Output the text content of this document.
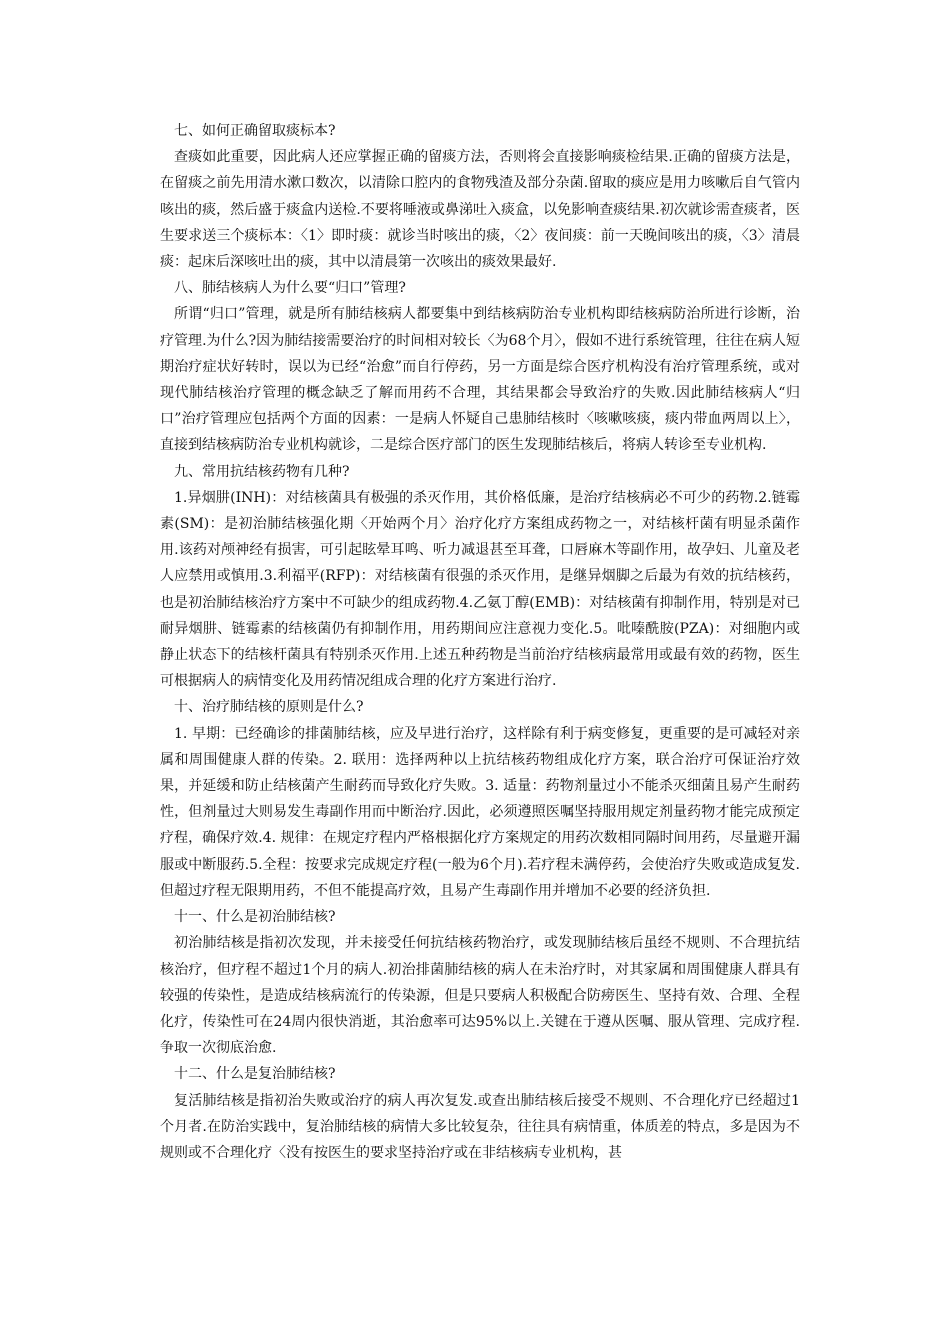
七、如何正确留取痰标本?

查痰如此重要，因此病人还应掌握正确的留痰方法，否则将会直接影响痰检结果.正确的留痰方法是，在留痰之前先用清水漱口数次，以清除口腔内的食物残渣及部分杂菌.留取的痰应是用力咳嗽后自气管内咳出的痰，然后盛于痰盒内送检.不要将唾液或鼻涕吐入痰盒，以免影响查痰结果.初次就诊需查痰者，医生要求送三个痰标本：〈1〉即时痰：就诊当时咳出的痰，〈2〉夜间痰：前一天晚间咳出的痰，〈3〉清晨痰：起床后深咳吐出的痰，其中以清晨第一次咳出的痰效果最好.

八、肺结核病人为什么要“归口”管理?

所谓“归口”管理，就是所有肺结核病人都要集中到结核病防治专业机构即结核病防治所进行诊断，治疗管理.为什么?因为肺结接需要治疗的时间相对较长〈为68个月〉，假如不进行系统管理，往往在病人短期治疗症状好转时，误以为已经“治愈”而自行停药，另一方面是综合医疗机构没有治疗管理系统，或对现代肺结核治疗管理的概念缺乏了解而用药不合理，其结果都会导致治疗的失败.因此肺结核病人“归口”治疗管理应包括两个方面的因素：一是病人怀疑自己患肺结核时〈咳嗽咳痰，痰内带血两周以上〉，直接到结核病防治专业机构就诊，二是综合医疗部门的医生发现肺结核后，将病人转诊至专业机构.

九、常用抗结核药物有几种?

1.异烟肼(INH)：对结核菌具有极强的杀灭作用，其价格低廉，是治疗结核病必不可少的药物.2.链霉素(SM)：是初治肺结核强化期〈开始两个月〉治疗化疗方案组成药物之一，对结核杆菌有明显杀菌作用.该药对颅神经有损害，可引起眩晕耳鸣、听力减退甚至耳聋，口唇麻木等副作用，故孕妇、儿童及老人应禁用或慎用.3.利福平(RFP)：对结核菌有很强的杀灭作用，是继异烟脚之后最为有效的抗结核药，也是初治肺结核治疗方案中不可缺少的组成药物.4.乙氨丁醇(EMB)：对结核菌有抑制作用，特别是对已耐异烟肼、链霉素的结核菌仍有抑制作用，用药期间应注意视力变化.5。吡嗪酰胺(PZA)：对细胞内或静止状态下的结核杆菌具有特别杀灭作用.上述五种药物是当前治疗结核病最常用或最有效的药物，医生可根据病人的病情变化及用药情况组成合理的化疗方案进行治疗.

十、治疗肺结核的原则是什么?

1. 早期：已经确诊的排菌肺结核，应及早进行治疗，这样除有利于病变修复，更重要的是可减轻对亲属和周围健康人群的传染。2. 联用：选择两种以上抗结核药物组成化疗方案，联合治疗可保证治疗效果，并延缓和防止结核菌产生耐药而导致化疗失败。3. 适量：药物剂量过小不能杀灭细菌且易产生耐药性，但剂量过大则易发生毒副作用而中断治疗.因此，必须遵照医嘱坚持服用规定剂量药物才能完成预定疗程，确保疗效.4. 规律：在规定疗程内严格根据化疗方案规定的用药次数相同隔时间用药，尽量避开漏服或中断服药.5.全程：按要求完成规定疗程(一般为6个月).若疗程未满停药，会使治疗失败或造成复发.但超过疗程无限期用药，不但不能提高疗效，且易产生毒副作用并增加不必要的经济负担.

十一、什么是初治肺结核?

初治肺结核是指初次发现，并未接受任何抗结核药物治疗，或发现肺结核后虽经不规则、不合理抗结核治疗，但疗程不超过1个月的病人.初治排菌肺结核的病人在未治疗时，对其家属和周围健康人群具有较强的传染性，是造成结核病流行的传染源，但是只要病人积极配合防痨医生、坚持有效、合理、全程化疗，传染性可在24周内很快消逝，其治愈率可达95%以上.关键在于遵从医嘱、服从管理、完成疗程.争取一次彻底治愈.

十二、什么是复治肺结核?

复活肺结核是指初治失败或治疗的病人再次复发.或查出肺结核后接受不规则、不合理化疗已经超过1个月者.在防治实践中，复治肺结核的病情大多比较复杂，往往具有病情重，体质差的特点，多是因为不规则或不合理化疗〈没有按医生的要求坚持治疗或在非结核病专业机构，甚
